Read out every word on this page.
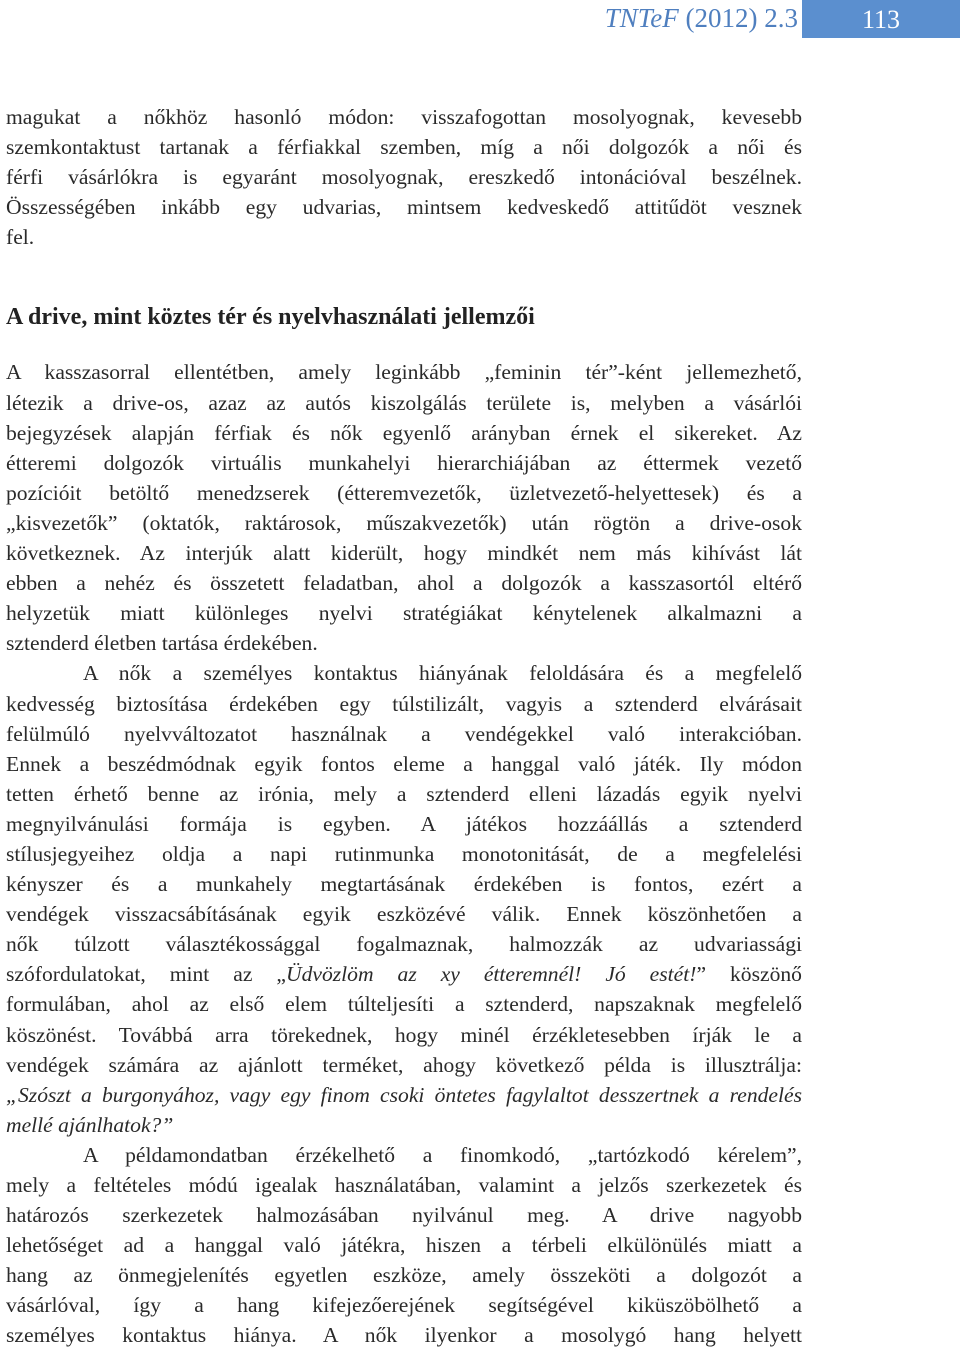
TNTeF (2012) 2.3	113
magukat a nőkhöz hasonló módon: visszafogottan mosolyognak, kevesebb
szemkontaktust tartanak a férfiakkal szemben, míg a női dolgozók a női és
férfi vásárlókra is egyaránt mosolyognak, ereszkedő intonációval beszélnek.
Összességében inkább egy udvarias, mintsem kedveskedő attitűdöt vesznek
fel.
A drive, mint köztes tér és nyelvhasználati jellemzői
A kasszasorral ellentétben, amely leginkább „feminin tér”-ként jellemezhető,
létezik a drive-os, azaz az autós kiszolgálás területe is, melyben a vásárlói
bejegyzések alapján férfiak és nők egyenlő arányban érnek el sikereket. Az
étteremi dolgozók virtuális munkahelyi hierarchiájában az éttermek vezető
pozícióit betöltő menedzserek (étteremvezetők, üzletvezető-helyettesek) és a
„kisvezetők” (oktatók, raktárosok, műszakvezetők) után rögtön a drive-osok
következnek. Az interjúk alatt kiderült, hogy mindkét nem más kihívást lát
ebben a nehéz és összetett feladatban, ahol a dolgozók a kasszasortól eltérő
helyzetük miatt különleges nyelvi stratégiákat kénytelenek alkalmazni a
sztenderd életben tartása érdekében.
A nők a személyes kontaktus hiányának feloldására és a megfelelő
kedvesség biztosítása érdekében egy túlstilizált, vagyis a sztenderd elvárásait
felülmúló nyelvváltozatot használnak a vendégekkel való interakcióban.
Ennek a beszédmódnak egyik fontos eleme a hanggal való játék. Ily módon
tetten érhető benne az irónia, mely a sztenderd elleni lázadás egyik nyelvi
megnyilvánulási formája is egyben. A játékos hozzáállás a sztenderd
stílusjegyeihez oldja a napi rutinmunka monotonitását, de a megfelelési
kényszer és a munkahely megtartásának érdekében is fontos, ezért a
vendégek visszacsábításának egyik eszközévé válik. Ennek köszönhetően a
nők túlzott választékossággal fogalmaznak, halmozzák az udvariassági
szófordulatokat, mint az „Üdvözlöm az xy étteremnél! Jó estét!” köszönő
formulában, ahol az első elem túlteljesíti a sztenderd, napszaknak megfelelő
köszönést. Továbbá arra törekednek, hogy minél érzékletesebben írják le a
vendégek számára az ajánlott terméket, ahogy következő példa is illusztrálja:
„Szószt a burgonyához, vagy egy finom csoki öntetes fagylaltot desszertnek a rendelés
mellé ajánlhatok?”
A példamondatban érzékelhető a finomkodó, „tartózkodó kérelem”,
mely a feltételes módú igealak használatában, valamint a jelzős szerkezetek és
határozós szerkezetek halmozásában nyilvánul meg. A drive nagyobb
lehetőséget ad a hanggal való játékra, hiszen a térbeli elkülönülés miatt a
hang az önmegjelenítés egyetlen eszköze, amely összeköti a dolgozót a
vásárlóval, így a hang kifejezőerejének segítségével kiküszöbölhető a
személyes kontaktus hiánya. A nők ilyenkor a mosolygó hang helyett
